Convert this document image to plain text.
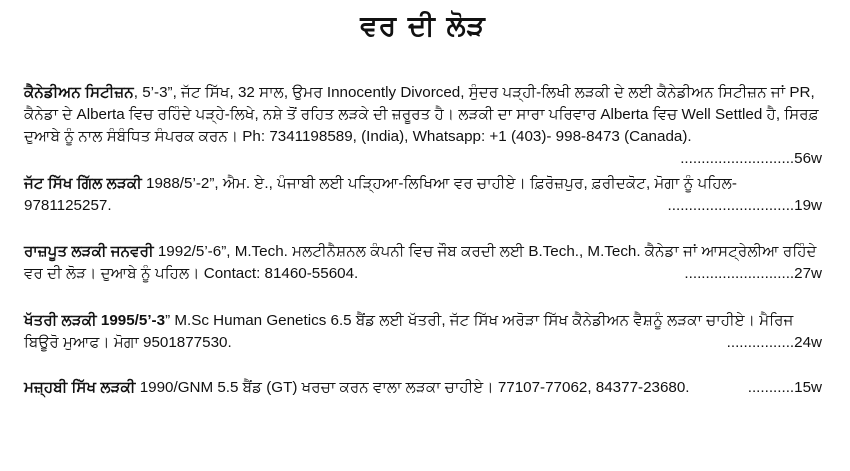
ਵਰ ਦੀ ਲੋੜ
ਕੈਨੇਡੀਅਨ ਸਿਟੀਜ਼ਨ, 5’-3”, ਜੱਟ ਸਿੱਖ, 32 ਸਾਲ, ਉਮਰ Innocently Divorced, ਸੁੰਦਰ ਪੜ੍ਹੀ-ਲਿਖੀ ਲੜਕੀ ਦੇ ਲਈ ਕੈਨੇਡੀਅਨ ਸਿਟੀਜ਼ਨ ਜਾਂ PR, ਕੈਨੇਡਾ ਦੇ Alberta ਵਿਚ ਰਹਿੰਦੇ ਪੜ੍ਹੇ-ਲਿਖੇ, ਨਸ਼ੇ ਤੋਂ ਰਹਿਤ ਲੜਕੇ ਦੀ ਜ਼ਰੂਰਤ ਹੈ। ਲੜਕੀ ਦਾ ਸਾਰਾ ਪਰਿਵਾਰ Alberta ਵਿਚ Well Settled ਹੈ, ਸਿਰਫ਼ ਦੁਆਬੇ ਨੂੰ ਨਾਲ ਸੰਬੰਧਿਤ ਸੰਪਰਕ ਕਰਨ। Ph: 7341198589, (India), Whatsapp: +1 (403)- 998-8473 (Canada).
...........................56w
ਜੱਟ ਸਿੱਖ ਗਿੱਲ ਲੜਕੀ 1988/5’-2”, ਐਮ. ਏ., ਪੰਜਾਬੀ ਲਈ ਪੜ੍ਹਿਆ-ਲਿਖਿਆ ਵਰ ਚਾਹੀਏ। ਫ਼ਿਰੋਜ਼ਪੁਰ, ਫ਼ਰੀਦਕੋਟ, ਮੋਗਾ ਨੂੰ ਪਹਿਲ- 9781125257.	..............................19w
ਰਾਜ਼ਪੂਤ ਲੜਕੀ ਜਨਵਰੀ 1992/5’-6”, M.Tech. ਮਲਟੀਨੈਸ਼ਨਲ ਕੰਪਨੀ ਵਿਚ ਜੌਬ ਕਰਦੀ ਲਈ B.Tech., M.Tech. ਕੈਨੇਡਾ ਜਾਂ ਆਸਟ੍ਰੇਲੀਆ ਰਹਿੰਦੇ ਵਰ ਦੀ ਲੋੜ। ਦੁਆਬੇ ਨੂੰ ਪਹਿਲ। Contact: 81460-55604.	..........................27w
ਖੱਤਰੀ ਲੜਕੀ 1995/5’-3” M.Sc Human Genetics 6.5 ਬੈਂਡ ਲਈ ਖੱਤਰੀ, ਜੱਟ ਸਿੱਖ ਅਰੋੜਾ ਸਿੱਖ ਕੈਨੇਡੀਅਨ ਵੈਸ਼ਨੂੰ ਲੜਕਾ ਚਾਹੀਏ। ਮੈਰਿਜ ਬਿਊਰੋ ਮੁਆਫ। ਮੋਗਾ 9501877530.	................24w
ਮਜ਼੍ਹਬੀ ਸਿੱਖ ਲੜਕੀ 1990/GNM 5.5 ਬੈਂਡ (GT) ਖਰਚਾ ਕਰਨ ਵਾਲਾ ਲੜਕਾ ਚਾਹੀਏ। 77107-77062, 84377-23680.	...........15w
